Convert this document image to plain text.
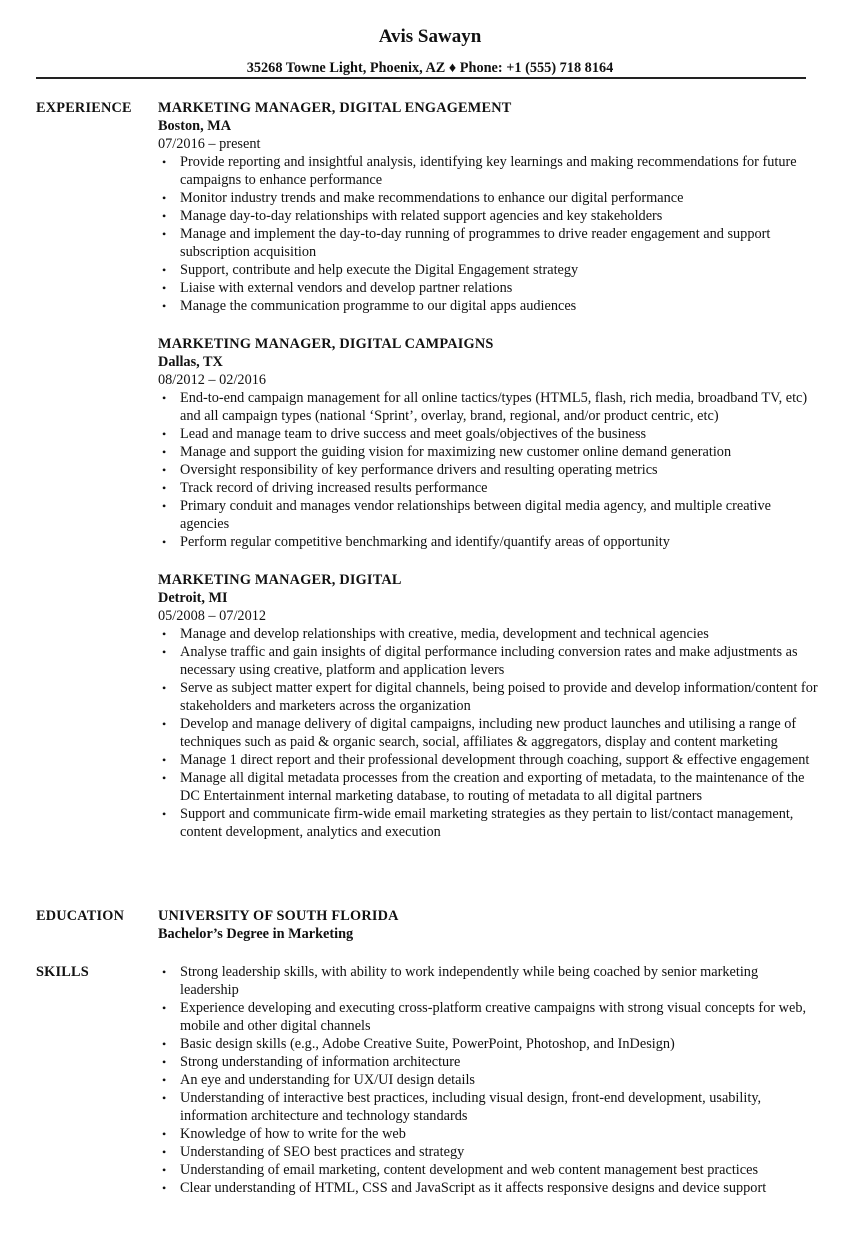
Avis Sawayn
35268 Towne Light, Phoenix, AZ ♦ Phone: +1 (555) 718 8164
EXPERIENCE MARKETING MANAGER, DIGITAL ENGAGEMENT
Boston, MA
07/2016 – present
• Provide reporting and insightful analysis, identifying key learnings and making recommendations for future campaigns to enhance performance
• Monitor industry trends and make recommendations to enhance our digital performance
• Manage day-to-day relationships with related support agencies and key stakeholders
• Manage and implement the day-to-day running of programmes to drive reader engagement and support subscription acquisition
• Support, contribute and help execute the Digital Engagement strategy
• Liaise with external vendors and develop partner relations
• Manage the communication programme to our digital apps audiences
MARKETING MANAGER, DIGITAL CAMPAIGNS
Dallas, TX
08/2012 – 02/2016
• End-to-end campaign management for all online tactics/types (HTML5, flash, rich media, broadband TV, etc) and all campaign types (national ‘Sprint’, overlay, brand, regional, and/or product centric, etc)
• Lead and manage team to drive success and meet goals/objectives of the business
• Manage and support the guiding vision for maximizing new customer online demand generation
• Oversight responsibility of key performance drivers and resulting operating metrics
• Track record of driving increased results performance
• Primary conduit and manages vendor relationships between digital media agency, and multiple creative agencies
• Perform regular competitive benchmarking and identify/quantify areas of opportunity
MARKETING MANAGER, DIGITAL
Detroit, MI
05/2008 – 07/2012
• Manage and develop relationships with creative, media, development and technical agencies
• Analyse traffic and gain insights of digital performance including conversion rates and make adjustments as necessary using creative, platform and application levers
• Serve as subject matter expert for digital channels, being poised to provide and develop information/content for stakeholders and marketers across the organization
• Develop and manage delivery of digital campaigns, including new product launches and utilising a range of techniques such as paid & organic search, social, affiliates & aggregators, display and content marketing
• Manage 1 direct report and their professional development through coaching, support & effective engagement
• Manage all digital metadata processes from the creation and exporting of metadata, to the maintenance of the DC Entertainment internal marketing database, to routing of metadata to all digital partners
• Support and communicate firm-wide email marketing strategies as they pertain to list/contact management, content development, analytics and execution
EDUCATION UNIVERSITY OF SOUTH FLORIDA
Bachelor’s Degree in Marketing
SKILLS	• Strong leadership skills, with ability to work independently while being coached by senior marketing leadership
• Experience developing and executing cross-platform creative campaigns with strong visual concepts for web, mobile and other digital channels
• Basic design skills (e.g., Adobe Creative Suite, PowerPoint, Photoshop, and InDesign)
• Strong understanding of information architecture
• An eye and understanding for UX/UI design details
• Understanding of interactive best practices, including visual design, front-end development, usability, information architecture and technology standards
• Knowledge of how to write for the web
• Understanding of SEO best practices and strategy
• Understanding of email marketing, content development and web content management best practices
• Clear understanding of HTML, CSS and JavaScript as it affects responsive designs and device support
